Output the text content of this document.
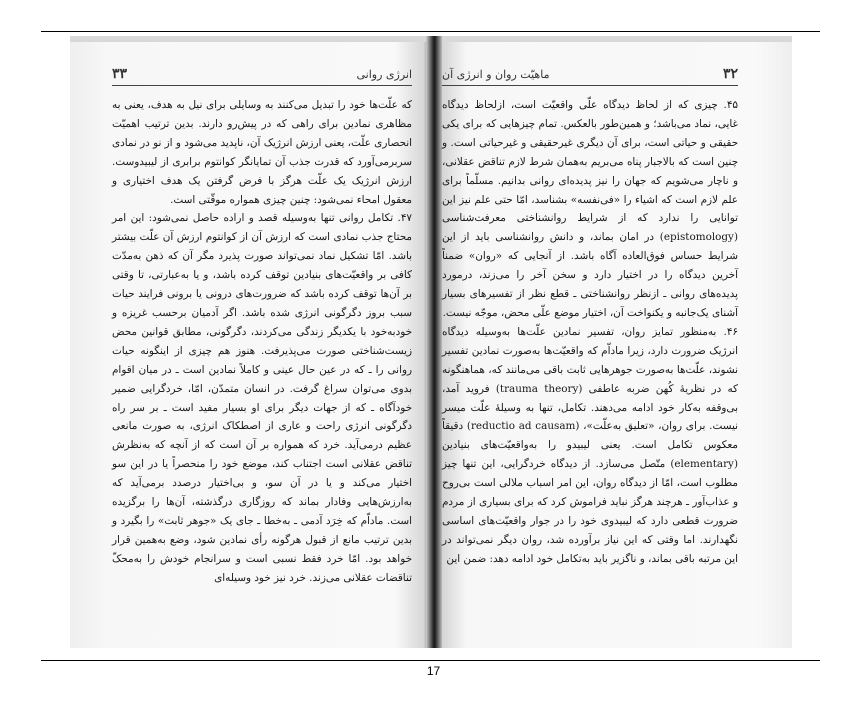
انرژی روانی
۳۳

که علّت‌ها خود را تبدیل می‌کنند به وسایلی برای نیل به هدف، یعنی به مظاهری نمادین برای راهی که در پیش‌رو دارند. بدین ترتیب اهمیّت انحصاری علّت، یعنی ارزش انرژیک آن، ناپدید می‌شود و از نو در نمادی سربرمی‌آورد که قدرت جذب آن تمایانگر کوانتوم برابری از لیبیدوست. ارزش انرژیک یک علّت هرگز با فرض گرفتن یک هدف اختیاری و معقول امحاء نمی‌شود: چنین چیزی همواره موقّتی است.

۴۷. تکامل روانی تنها به‌وسیله قصد و اراده حاصل نمی‌شود: این امر محتاج جذب نمادی است که ارزش آن از کوانتوم ارزش آن علّت بیشتر باشد. امّا تشکیل نماد نمی‌تواند صورت پذیرد مگر آن که ذهن به‌مدّت کافی بر واقعیّت‌های بنیادین توقف کرده باشد، و یا به‌عبارتی، تا وقتی بر آن‌ها توقف کرده باشد که ضرورت‌های درونی یا برونی فرایند حیات سبب بروز دگرگونی انرژی شده باشد. اگر آدمیان برحسب غریزه و خودبه‌خود با یکدیگر زندگی می‌کردند، دگرگونی، مطابق قوانین محض زیست‌شناختی صورت می‌پذیرفت. هنوز هم چیزی از اینگونه حیات روانی را ـ که در عین حال عینی و کاملاً نمادین است ـ در میان اقوام بدوی می‌توان سراغ گرفت. در انسان متمدّن، امّا، خردگرایی ضمیر خودآگاه ـ که از جهات دیگر برای او بسیار مفید است ـ بر سر راه دگرگونی انرژی راحت و عاری از اصطکاک انرژی، به صورت مانعی عظیم درمی‌آید. خرد که همواره بر آن است که از آنچه که به‌نظرش تناقض عقلانی است اجتناب کند، موضع خود را منحصراً یا در این سو اختیار می‌کند و یا در آن سو، و بی‌اختیار درصدد برمی‌آید که به‌ارزش‌هایی وفادار بماند که روزگاری درگذشته، آن‌ها را برگزیده است. ماداّم که خِرَد آدمی ـ به‌خطا ـ جای یک «جوهر ثابت» را بگیرد و بدین ترتیب مانع از قبول هرگونه رأی نمادین شود، وضع به‌همین قرار خواهد بود. امّا خرد فقط نسبی است و سرانجام خودش را به‌محکّ تناقضات عقلانی می‌زند. خرد نیز خود وسیله‌ای

۳۲
ماهیّت روان و انرژی آن

۴۵. چیزی که از لحاظ دیدگاه علّی واقعیّت است، ازلحاظ دیدگاه غایی، نماد می‌باشد؛ و همین‌طور بالعکس. تمام چیزهایی که برای یکی حقیقی و حیاتی است، برای آن دیگری غیرحقیقی و غیرحیاتی است. و چنین است که بالاجبار پناه می‌بریم به‌همان شرط لازم تناقض عقلانی، و ناچار می‌شویم که جهان را نیز پدیده‌ای روانی بدانیم. مسلّماً برای علم لازم است که اشیاء را «فی‌نفسه» بشناسد، امّا حتی علم نیز این توانایی را ندارد که از شرایط روانشناختی معرفت‌شناسی (epistomology) در امان بماند، و دانش روانشناسی باید از این شرایط حساس فوق‌العاده آگاه باشد. از آنجایی که «روان» ضمناً آخرین دیدگاه را در اختیار دارد و سخن آخر را می‌زند، درمورد پدیده‌های روانی ـ ازنظر روانشناختی ـ قطع نظر از تفسیرهای بسیار آشنای یک‌جانبه و یکنواخت آن، اختیار موضع علّی محض، موجّه نیست.

۴۶. به‌منظور تمایز روان، تفسیر نمادین علّت‌ها به‌وسیله دیدگاه انرژیک ضرورت دارد، زیرا ماداّم که واقعیّت‌ها به‌صورت نمادین تفسیر نشوند، علّت‌ها به‌صورت جوهرهایی ثابت باقی می‌مانند که، هماهنگونه که در نظریهٔ کُهن ضربه عاطفی (trauma theory) فروید آمد، بی‌وقفه به‌کار خود ادامه می‌دهند. تکامل، تنها به وسیلهٔ علّت میسر نیست. برای روان، «تعلیق به‌علّت»، (reductio ad causam) دقیقاً معکوس تکامل است. یعنی لیبیدو را به‌واقعیّت‌های بنیادین (elementary) متّصل می‌سازد. از دیدگاه خردگرایی، این تنها چیز مطلوب است، امّا از دیدگاه روان، این امر اسباب ملالی است بی‌روح و عذاب‌آور ـ هرچند هرگز نباید فراموش کرد که برای بسیاری از مردم ضرورت قطعی دارد که لیبیدوی خود را در جوار واقعیّت‌های اساسی نگهدارند. اما وقتی که این نیاز برآورده شد، روان دیگر نمی‌تواند در این مرتبه باقی بماند، و ناگزیر باید به‌تکامل خود ادامه دهد: ضمن این

17
